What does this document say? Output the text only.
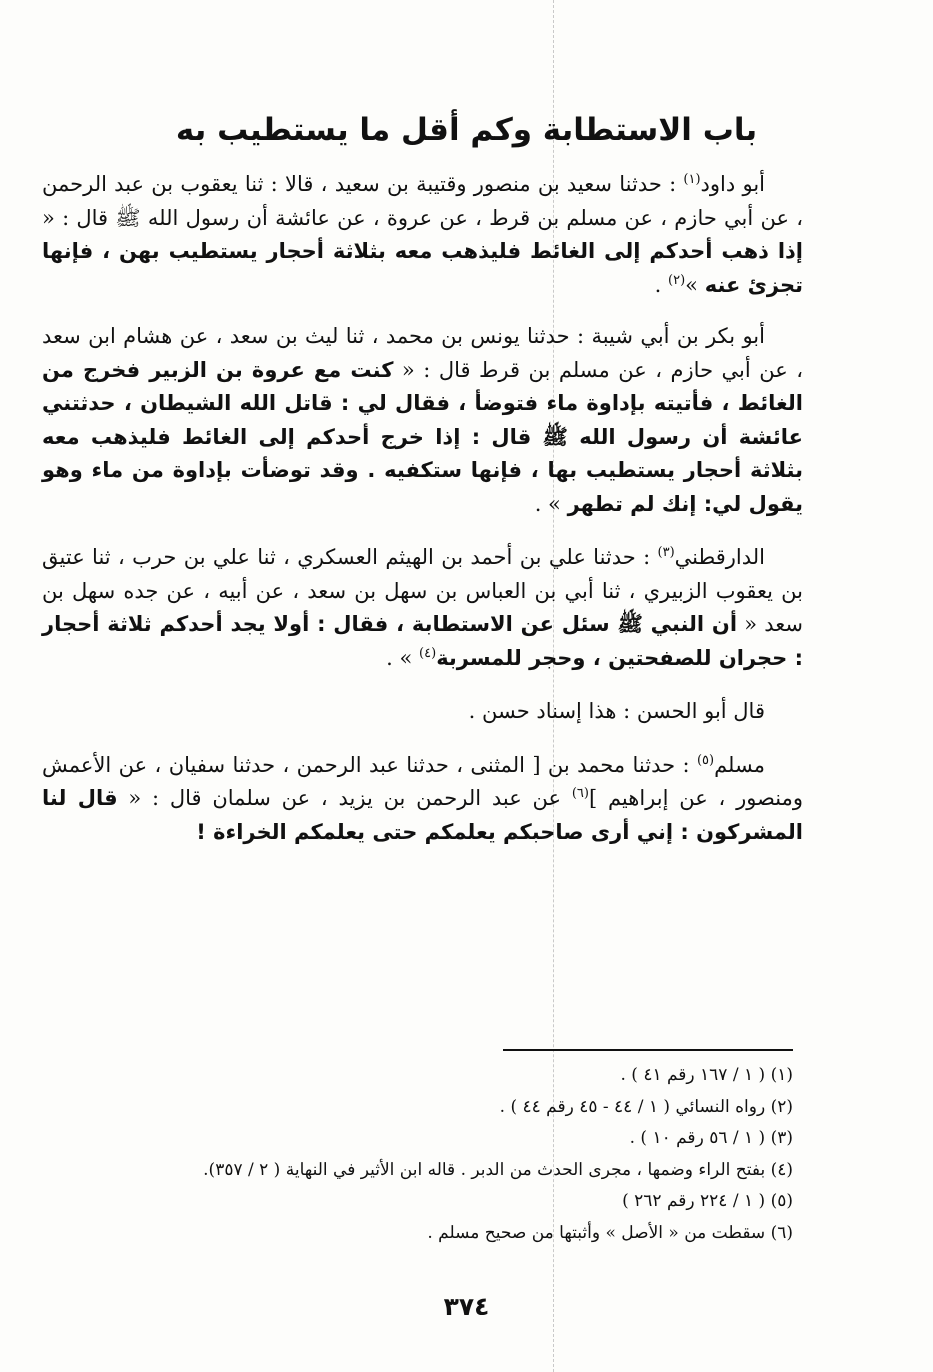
باب الاستطابة وكم أقل ما يستطيب به

أبو داود$^{(١)}$ : حدثنا سعيد بن منصور وقتيبة بن سعيد ، قالا : ثنا يعقوب بن عبد الرحمن ، عن أبي حازم ، عن مسلم بن قرط ، عن عروة ، عن عائشة أن رسول الله ﷺ قال : « إذا ذهب أحدكم إلى الغائط فليذهب معه بثلاثة أحجار يستطيب بهن ، فإنها تجزئ عنه »$^{(٢)}$ .

أبو بكر بن أبي شيبة : حدثنا يونس بن محمد ، ثنا ليث بن سعد ، عن هشام ابن سعد ، عن أبي حازم ، عن مسلم بن قرط قال : « كنت مع عروة بن الزبير فخرج من الغائط ، فأتيته بإداوة ماء فتوضأ ، فقال لي : قاتل الله الشيطان ، حدثتني عائشة أن رسول الله ﷺ قال : إذا خرج أحدكم إلى الغائط فليذهب معه بثلاثة أحجار يستطيب بها ، فإنها ستكفيه . وقد توضأت بإداوة من ماء وهو يقول لي: إنك لم تطهر » .

الدارقطني$^{(٣)}$ : حدثنا علي بن أحمد بن الهيثم العسكري ، ثنا علي بن حرب ، ثنا عتيق بن يعقوب الزبيري ، ثنا أبي بن العباس بن سهل بن سعد ، عن أبيه ، عن جده سهل بن سعد « أن النبي ﷺ سئل عن الاستطابة ، فقال : أولا يجد أحدكم ثلاثة أحجار : حجران للصفحتين ، وحجر للمسربة$^{(٤)}$ » .

قال أبو الحسن : هذا إسناد حسن .

مسلم$^{(٥)}$ : حدثنا محمد بن [ المثنى ، حدثنا عبد الرحمن ، حدثنا سفيان ، عن الأعمش ومنصور ، عن إبراهيم ]$^{(٦)}$ عن عبد الرحمن بن يزيد ، عن سلمان قال : « قال لنا المشركون : إني أرى صاحبكم يعلمكم حتى يعلمكم الخراءة !

(١) ( ١ / ١٦٧ رقم ٤١ ) .
(٢) رواه النسائي ( ١ / ٤٤ - ٤٥ رقم ٤٤ ) .
(٣) ( ١ / ٥٦ رقم ١٠ ) .
(٤) بفتح الراء وضمها ، مجرى الحدث من الدبر . قاله ابن الأثير في النهاية ( ٢ / ٣٥٧).
(٥) ( ١ / ٢٢٤ رقم ٢٦٢ )
(٦) سقطت من « الأصل » وأثبتها من صحيح مسلم .
٣٧٤
